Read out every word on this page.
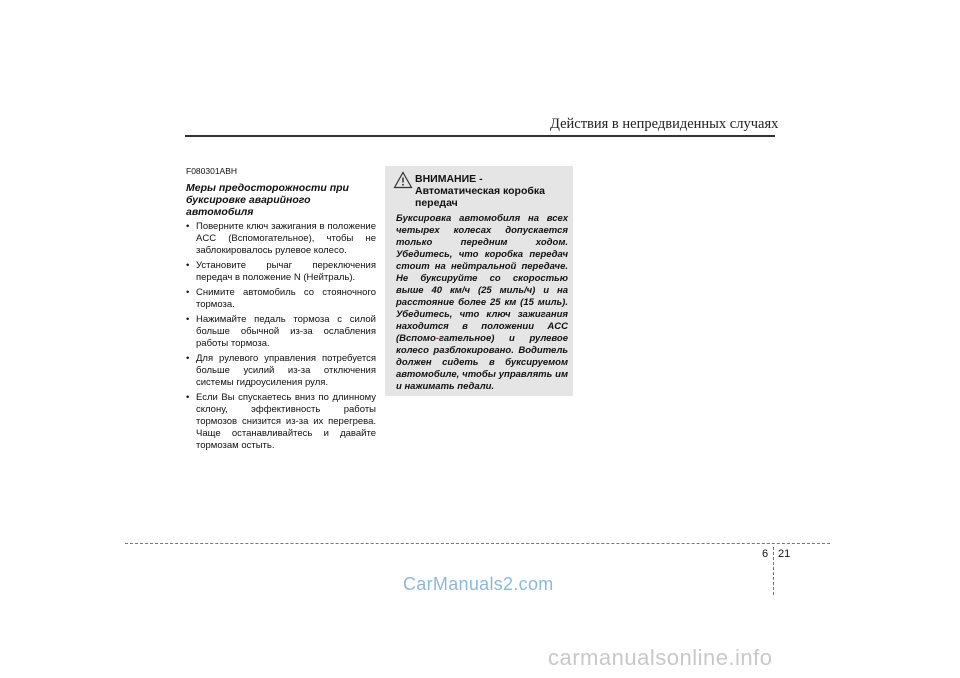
Действия в непредвиденных случаях
F080301ABH
Меры предосторожности при буксировке аварийного автомобиля
• Поверните ключ зажигания в положение ACC (Вспомогательное), чтобы не заблокировалось рулевое колесо.
• Установите рычаг переключения передач в положение N (Нейтраль).
• Снимите автомобиль со стояночного тормоза.
• Нажимайте педаль тормоза с силой больше обычной из-за ослабления работы тормоза.
• Для рулевого управления потребуется больше усилий из-за отключения системы гидроусиления руля.
• Если Вы спускаетесь вниз по длинному склону, эффективность работы тормозов снизится из-за их перегрева. Чаще останавливайтесь и давайте тормозам остыть.
ВНИМАНИЕ - Автоматическая коробка передач
Буксировка автомобиля на всех четырех колесах допускается только передним ходом. Убедитесь, что коробка передач стоит на нейтральной передаче. Не буксируйте со скоростью выше 40 км/ч (25 миль/ч) и на расстояние более 25 км (15 миль). Убедитесь, что ключ зажигания находится в положении ACC (Вспомо-гательное) и рулевое колесо разблокировано. Водитель должен сидеть в буксируемом автомобиле, чтобы управлять им и нажимать педали.
6 21
CarManuals2.com
carmanualsonline.info
